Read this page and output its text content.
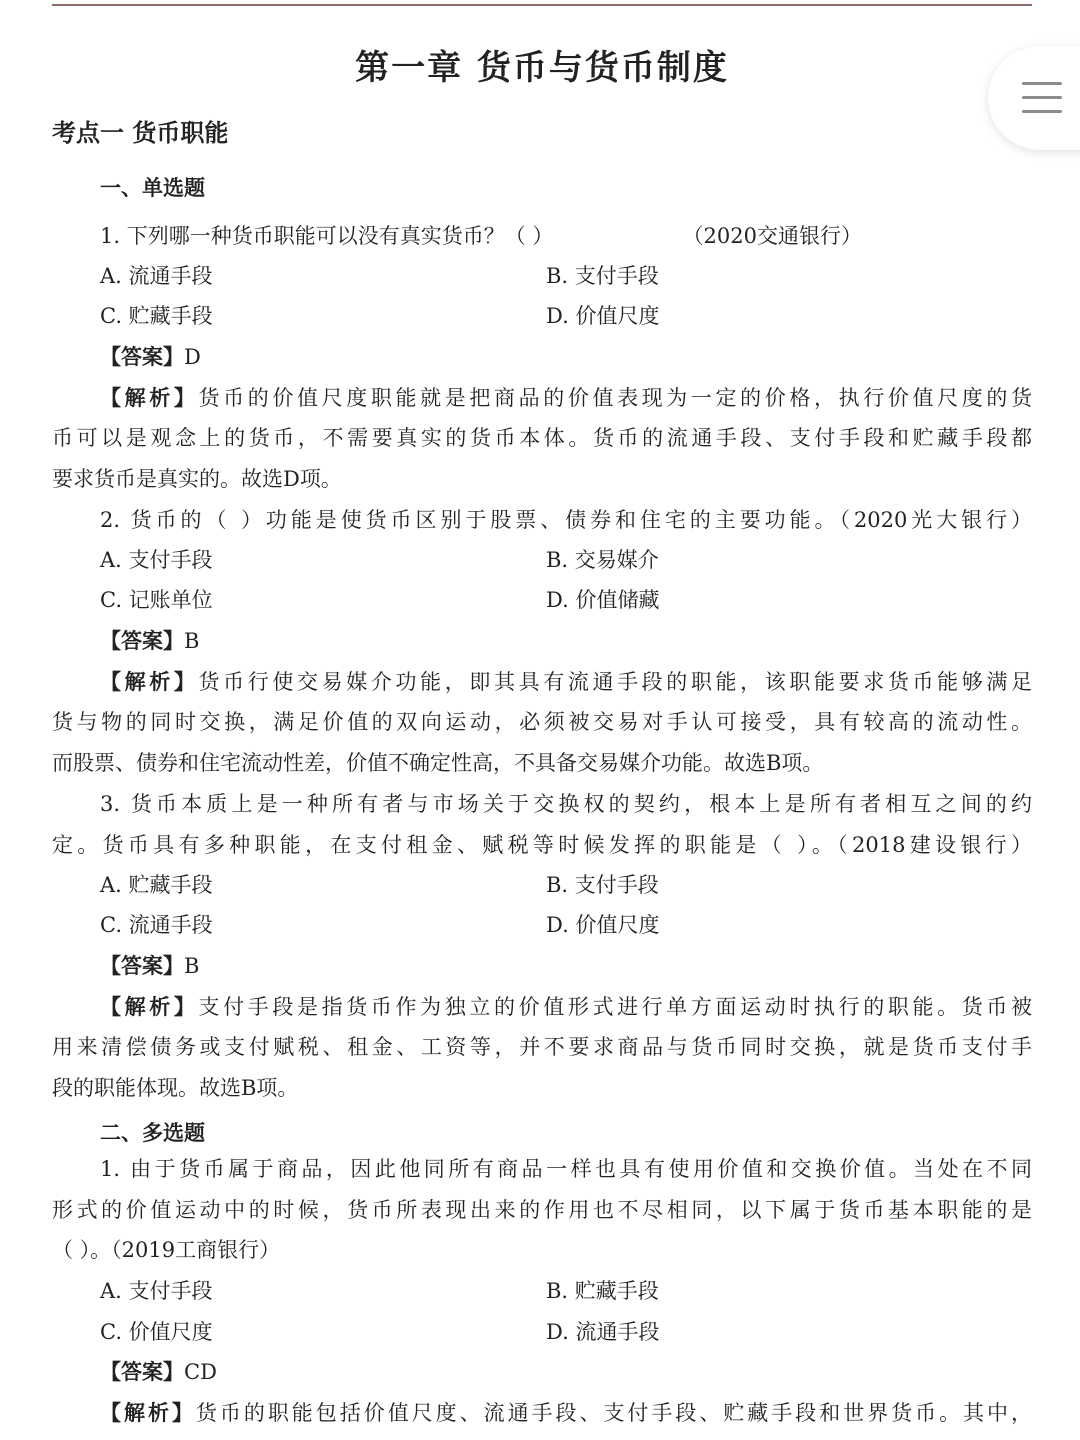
第一章 货币与货币制度
考点一 货币职能
一、单选题
1. 下列哪一种货币职能可以没有真实货币？（ ）	（2020交通银行）
A. 流通手段	B. 支付手段
C. 贮藏手段	D. 价值尺度
【答案】D
【解析】货币的价值尺度职能就是把商品的价值表现为一定的价格，执行价值尺度的货
币可以是观念上的货币，不需要真实的货币本体。货币的流通手段、支付手段和贮藏手段都
要求货币是真实的。故选D项。
2. 货币的（ ）功能是使货币区别于股票、债券和住宅的主要功能。（2020光大银行）
A. 支付手段	B. 交易媒介
C. 记账单位	D. 价值储藏
【答案】B
【解析】货币行使交易媒介功能，即其具有流通手段的职能，该职能要求货币能够满足
货与物的同时交换，满足价值的双向运动，必须被交易对手认可接受，具有较高的流动性。
而股票、债券和住宅流动性差，价值不确定性高，不具备交易媒介功能。故选B项。
3. 货币本质上是一种所有者与市场关于交换权的契约，根本上是所有者相互之间的约
定。货币具有多种职能，在支付租金、赋税等时候发挥的职能是（ ）。（2018建设银行）
A. 贮藏手段	B. 支付手段
C. 流通手段	D. 价值尺度
【答案】B
【解析】支付手段是指货币作为独立的价值形式进行单方面运动时执行的职能。货币被
用来清偿债务或支付赋税、租金、工资等，并不要求商品与货币同时交换，就是货币支付手
段的职能体现。故选B项。
二、多选题
1. 由于货币属于商品，因此他同所有商品一样也具有使用价值和交换价值。当处在不同
形式的价值运动中的时候，货币所表现出来的作用也不尽相同，以下属于货币基本职能的是
（ ）。（2019工商银行）
A. 支付手段	B. 贮藏手段
C. 价值尺度	D. 流通手段
【答案】CD
【解析】货币的职能包括价值尺度、流通手段、支付手段、贮藏手段和世界货币。其中，
